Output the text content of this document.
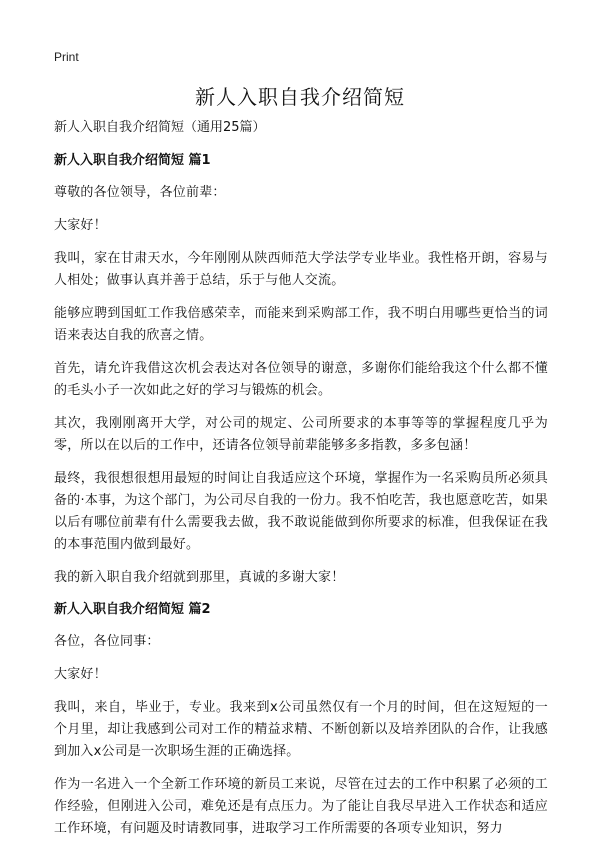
Print
新人入职自我介绍简短

新人入职自我介绍简短（通用25篇）

新人入职自我介绍简短 篇1

尊敬的各位领导，各位前辈：

大家好！

我叫，家在甘肃天水，今年刚刚从陕西师范大学法学专业毕业。我性格开朗，容易与人相处；做事认真并善于总结，乐于与他人交流。

能够应聘到国虹工作我倍感荣幸，而能来到采购部工作，我不明白用哪些更恰当的词语来表达自我的欣喜之情。

首先，请允许我借这次机会表达对各位领导的谢意，多谢你们能给我这个什么都不懂的毛头小子一次如此之好的学习与锻炼的机会。

其次，我刚刚离开大学，对公司的规定、公司所要求的本事等等的掌握程度几乎为零，所以在以后的工作中，还请各位领导前辈能够多多指教，多多包涵！

最终，我很想很想用最短的时间让自我适应这个环境，掌握作为一名采购员所必须具备的·本事，为这个部门，为公司尽自我的一份力。我不怕吃苦，我也愿意吃苦，如果以后有哪位前辈有什么需要我去做，我不敢说能做到你所要求的标准，但我保证在我的本事范围内做到最好。

我的新入职自我介绍就到那里，真诚的多谢大家！

新人入职自我介绍简短 篇2

各位，各位同事：

大家好！

我叫，来自，毕业于，专业。我来到x公司虽然仅有一个月的时间，但在这短短的一个月里，却让我感到公司对工作的精益求精、不断创新以及培养团队的合作，让我感到加入x公司是一次职场生涯的正确选择。

作为一名进入一个全新工作环境的新员工来说，尽管在过去的工作中积累了必须的工作经验，但刚进入公司，难免还是有点压力。为了能让自我尽早进入工作状态和适应工作环境，有问题及时请教同事，进取学习工作所需要的各项专业知识，努力
